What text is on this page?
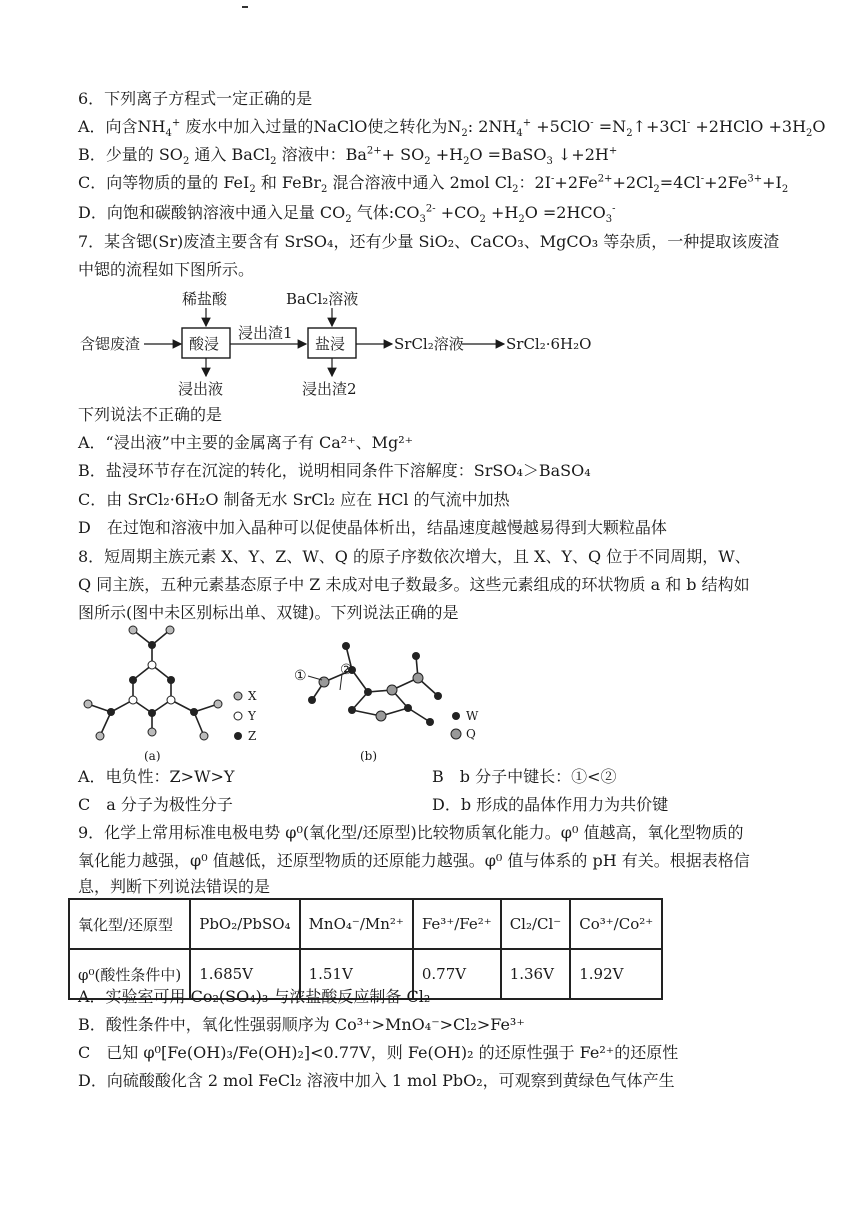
6．下列离子方程式一定正确的是
A．向含$NH_4^+$ 废水中加入过量的NaClO使之转化为$N_2$: $2NH_4^+ +5ClO^-$ $=N_2↑+3Cl^-$ +2HClO $+3H_2O$
B．少量的 $SO_2$ 通入 BaCl$_2$ 溶液中：$Ba^{2+}+ SO_2 +H_2O$ =BaSO$_3$ ↓+2H+
C．向等物质的量的 FeI$_2$ 和 FeBr$_2$ 混合溶液中通入 2mol $Cl_2$：$2I^-+2Fe^{2+}+2Cl_2=4Cl^-+2Fe^{3+}+I_2$
D．向饱和碳酸钠溶液中通入足量 $CO_2$ 气体$:CO_3^{2-} +CO_2 +H_2O =2HCO_3^-$
7．某含锶(Sr)废渣主要含有 SrSO₄，还有少量 SiO₂、CaCO₃、MgCO₃ 等杂质，一种提取该废渣
中锶的流程如下图所示。
含锶废渣
稀盐酸
酸浸
浸出渣1
浸出液
BaCl₂溶液
盐浸
浸出渣2
SrCl₂溶液	SrCl₂·6H₂O
下列说法不正确的是
A．“浸出液”中主要的金属离子有 Ca²⁺、Mg²⁺
B．盐浸环节存在沉淀的转化，说明相同条件下溶解度：SrSO₄＞BaSO₄
C．由 SrCl₂·6H₂O 制备无水 SrCl₂ 应在 HCl 的气流中加热
D　在过饱和溶液中加入晶种可以促使晶体析出，结晶速度越慢越易得到大颗粒晶体
8．短周期主族元素 X、Y、Z、W、Q 的原子序数依次增大，且 X、Y、Q 位于不同周期，W、
Q 同主族，五种元素基态原子中 Z 未成对电子数最多。这些元素组成的环状物质 a 和 b 结构如
图所示(图中未区别标出单、双键)。下列说法正确的是
X
Y
Z
(a)
① ②
W
Q
(b)
A．电负性：Z>W>Y	B　b 分子中键长：①<②
C　a 分子为极性分子	D．b 形成的晶体作用力为共价键
9．化学上常用标准电极电势 φ⁰(氧化型/还原型)比较物质氧化能力。φ⁰ 值越高，氧化型物质的
氧化能力越强，φ⁰ 值越低，还原型物质的还原能力越强。φ⁰ 值与体系的 pH 有关。根据表格信
息，判断下列说法错误的是
氧化型/还原型	PbO₂/PbSO₄	MnO₄⁻/Mn²⁺	Fe³⁺/Fe²⁺	Cl₂/Cl⁻	Co³⁺/Co²⁺
φ⁰(酸性条件中)	1.685V	1.51V	0.77V	1.36V	1.92V
A．实验室可用 Co₂(SO₄)₃ 与浓盐酸反应制备 Cl₂
B．酸性条件中，氧化性强弱顺序为 Co³⁺>MnO₄⁻>Cl₂>Fe³⁺
C　已知 φ⁰[Fe(OH)₃/Fe(OH)₂]<0.77V，则 Fe(OH)₂ 的还原性强于 Fe²⁺的还原性
D．向硫酸酸化含 2 mol FeCl₂ 溶液中加入 1 mol PbO₂，可观察到黄绿色气体产生
